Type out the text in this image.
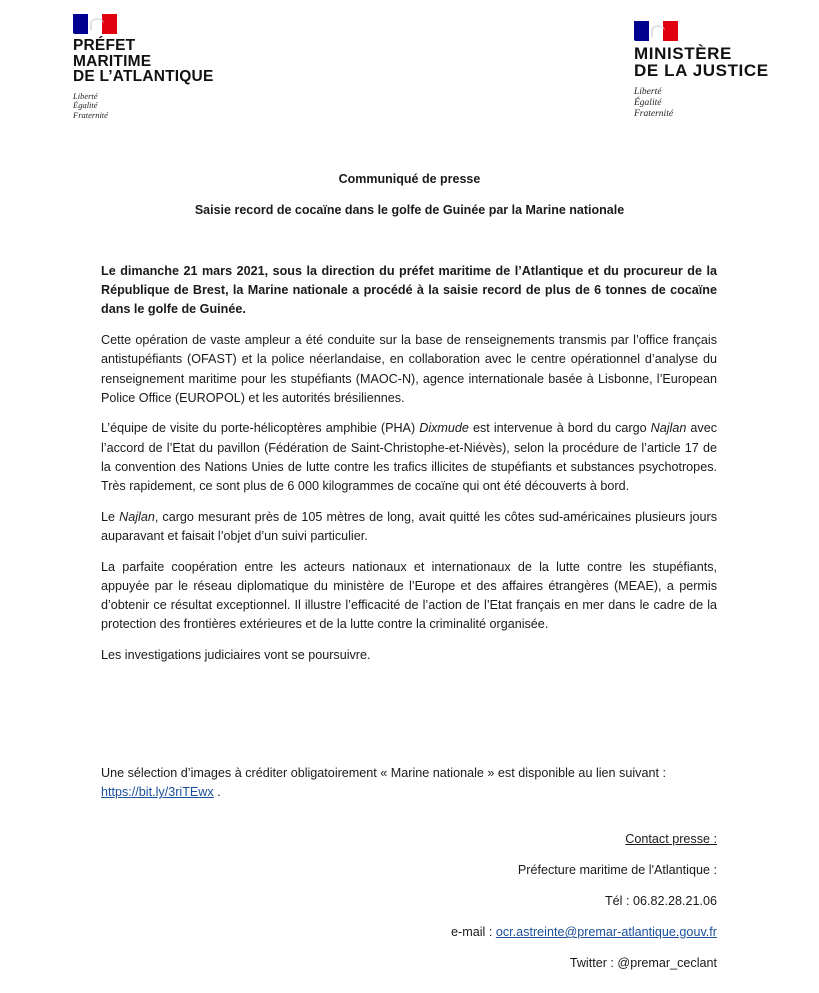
PRÉFET
MARITIME
DE L’ATLANTIQUE
Liberté
Égalité
Fraternité
MINISTÈRE
DE LA JUSTICE
Liberté
Égalité
Fraternité
Communiqué de presse
Saisie record de cocaïne dans le golfe de Guinée par la Marine nationale

Le dimanche 21 mars 2021, sous la direction du préfet maritime de l’Atlantique et du procureur de la République de Brest, la Marine nationale a procédé à la saisie record de plus de 6 tonnes de cocaïne dans le golfe de Guinée.

Cette opération de vaste ampleur a été conduite sur la base de renseignements transmis par l’office français antistupéfiants (OFAST) et la police néerlandaise, en collaboration avec le centre opérationnel d’analyse du renseignement maritime pour les stupéfiants (MAOC-N), agence internationale basée à Lisbonne, l’European Police Office (EUROPOL) et les autorités brésiliennes.

L’équipe de visite du porte-hélicoptères amphibie (PHA) Dixmude est intervenue à bord du cargo Najlan avec l’accord de l’Etat du pavillon (Fédération de Saint-Christophe-et-Niévès), selon la procédure de l’article 17 de la convention des Nations Unies de lutte contre les trafics illicites de stupéfiants et substances psychotropes. Très rapidement, ce sont plus de 6 000 kilogrammes de cocaïne qui ont été découverts à bord.

Le Najlan, cargo mesurant près de 105 mètres de long, avait quitté les côtes sud-américaines plusieurs jours auparavant et faisait l’objet d’un suivi particulier.

La parfaite coopération entre les acteurs nationaux et internationaux de la lutte contre les stupéfiants, appuyée par le réseau diplomatique du ministère de l’Europe et des affaires étrangères (MEAE), a permis d’obtenir ce résultat exceptionnel. Il illustre l’efficacité de l’action de l’Etat français en mer dans le cadre de la protection des frontières extérieures et de la lutte contre la criminalité organisée.

Les investigations judiciaires vont se poursuivre.

Une sélection d’images à créditer obligatoirement « Marine nationale » est disponible au lien suivant :
https://bit.ly/3riTEwx .
Contact presse :
Préfecture maritime de l'Atlantique :
Tél : 06.82.28.21.06
e-mail : ocr.astreinte@premar-atlantique.gouv.fr
Twitter : @premar_ceclant
